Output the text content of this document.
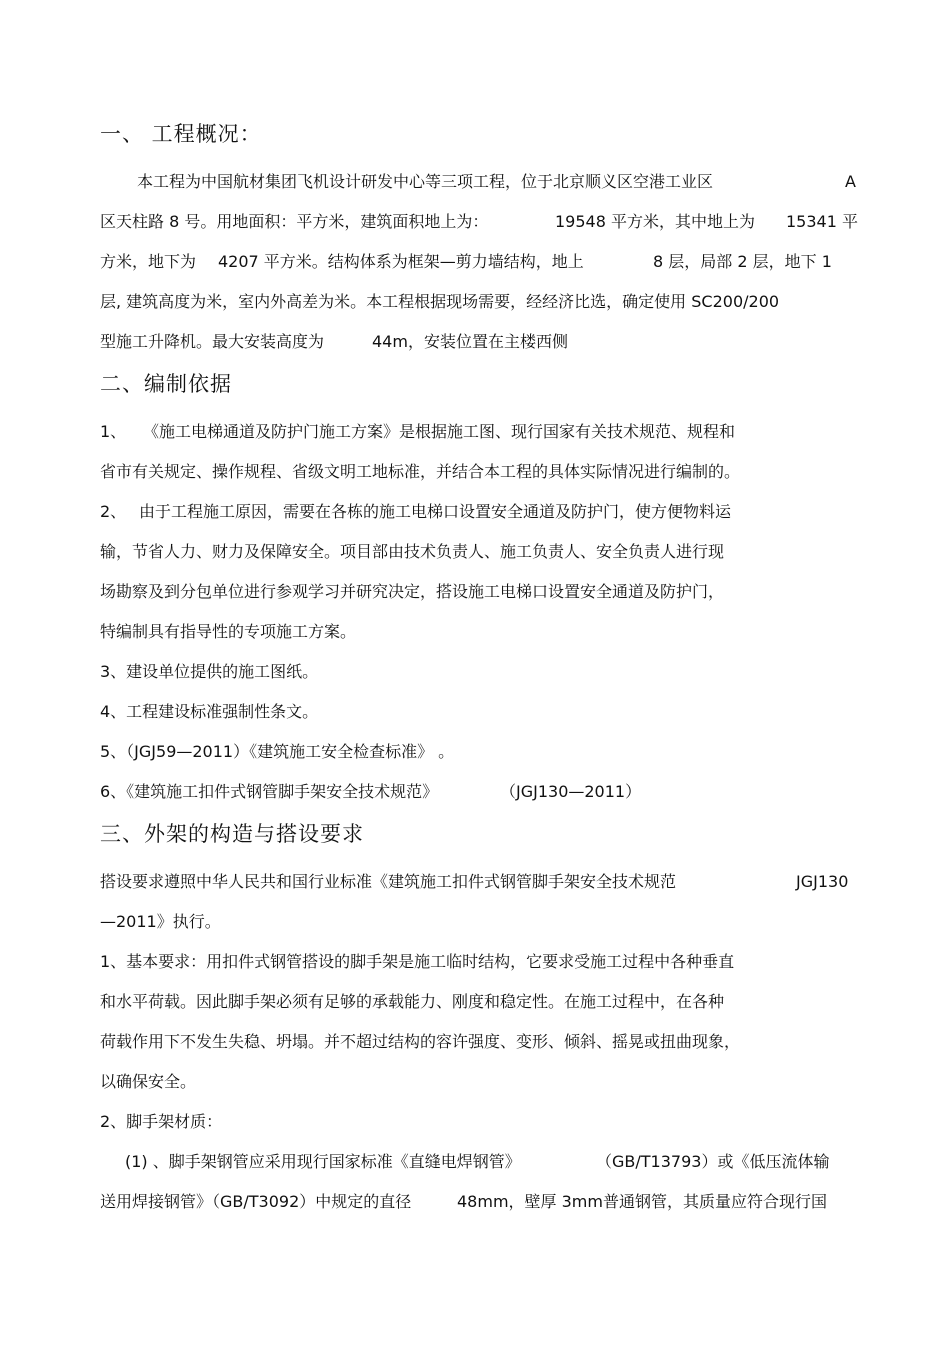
一、 工程概况：
本工程为中国航材集团飞机设计研发中心等三项工程，位于北京顺义区空港工业区	A
区天柱路 8 号。用地面积：平方米，建筑面积地上为：	19548 平方米，其中地上为 15341 平
方米，地下为 4207 平方米。结构体系为框架—剪力墙结构，地上	8 层，局部 2 层，地下 1
层, 建筑高度为米，室内外高差为米。本工程根据现场需要，经经济比选，确定使用 SC200/200
型施工升降机。最大安装高度为	44m，安装位置在主楼西侧
二、编制依据
1、 《施工电梯通道及防护门施工方案》是根据施工图、现行国家有关技术规范、规程和
省市有关规定、操作规程、省级文明工地标准，并结合本工程的具体实际情况进行编制的。
2、 由于工程施工原因，需要在各栋的施工电梯口设置安全通道及防护门，使方便物料运
输，节省人力、财力及保障安全。项目部由技术负责人、施工负责人、安全负责人进行现
场勘察及到分包单位进行参观学习并研究决定，搭设施工电梯口设置安全通道及防护门，
特编制具有指导性的专项施工方案。
3、建设单位提供的施工图纸。
4、工程建设标准强制性条文。
5、（JGJ59—2011）《建筑施工安全检查标准》 。
6、《建筑施工扣件式钢管脚手架安全技术规范》	（JGJ130—2011）
三、外架的构造与搭设要求
搭设要求遵照中华人民共和国行业标准《建筑施工扣件式钢管脚手架安全技术规范	JGJ130
—2011》执行。
1、基本要求：用扣件式钢管搭设的脚手架是施工临时结构，它要求受施工过程中各种垂直
和水平荷载。因此脚手架必须有足够的承载能力、刚度和稳定性。在施工过程中，在各种
荷载作用下不发生失稳、坍塌。并不超过结构的容许强度、变形、倾斜、摇晃或扭曲现象，
以确保安全。
2、脚手架材质：
(1) 、脚手架钢管应采用现行国家标准《直缝电焊钢管》	（GB/T13793）或《低压流体输
送用焊接钢管》（GB/T3092）中规定的直径	48mm，壁厚 3mm普通钢管，其质量应符合现行国
